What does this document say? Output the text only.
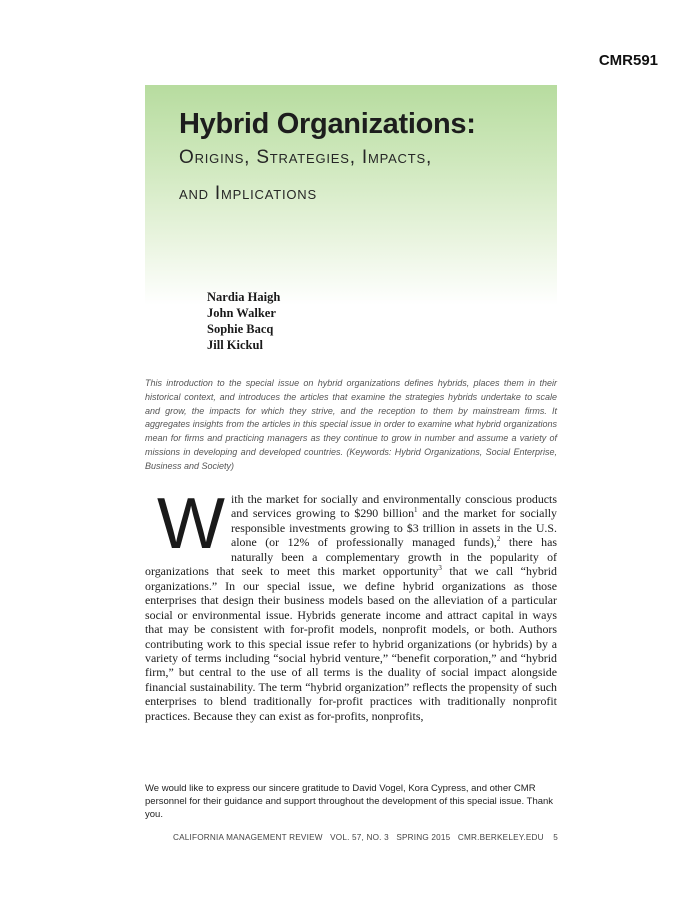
CMR591
Hybrid Organizations:

Origins, Strategies, Impacts,

and Implications

Nardia Haigh
John Walker
Sophie Bacq
Jill Kickul

This introduction to the special issue on hybrid organizations defines hybrids, places them in their historical context, and introduces the articles that examine the strategies hybrids undertake to scale and grow, the impacts for which they strive, and the reception to them by mainstream firms. It aggregates insights from the articles in this special issue in order to examine what hybrid organizations mean for firms and practicing managers as they continue to grow in number and assume a variety of missions in developing and developed countries. (Keywords: Hybrid Organizations, Social Enterprise, Business and Society)

With the market for socially and environmentally conscious products and services growing to $290 billion$^1$ and the market for socially responsible investments growing to $3 trillion in assets in the U.S. alone (or 12% of professionally managed funds),$^2$ there has naturally been a complementary growth in the popularity of organizations that seek to meet this market opportunity$^3$ that we call “hybrid organizations.” In our special issue, we define hybrid organizations as those enterprises that design their business models based on the alleviation of a particular social or environmental issue. Hybrids generate income and attract capital in ways that may be consistent with for-profit models, nonprofit models, or both. Authors contributing work to this special issue refer to hybrid organizations (or hybrids) by a variety of terms including “social hybrid venture,” “benefit corporation,” and “hybrid firm,” but central to the use of all terms is the duality of social impact alongside financial sustainability. The term “hybrid organization” reflects the propensity of such enterprises to blend traditionally for-profit practices with traditionally nonprofit practices. Because they can exist as for-profits, nonprofits,

We would like to express our sincere gratitude to David Vogel, Kora Cypress, and other CMR personnel for their guidance and support throughout the development of this special issue. Thank you.

CALIFORNIA MANAGEMENT REVIEW VOL. 57, NO. 3 SPRING 2015 CMR.BERKELEY.EDU 5
